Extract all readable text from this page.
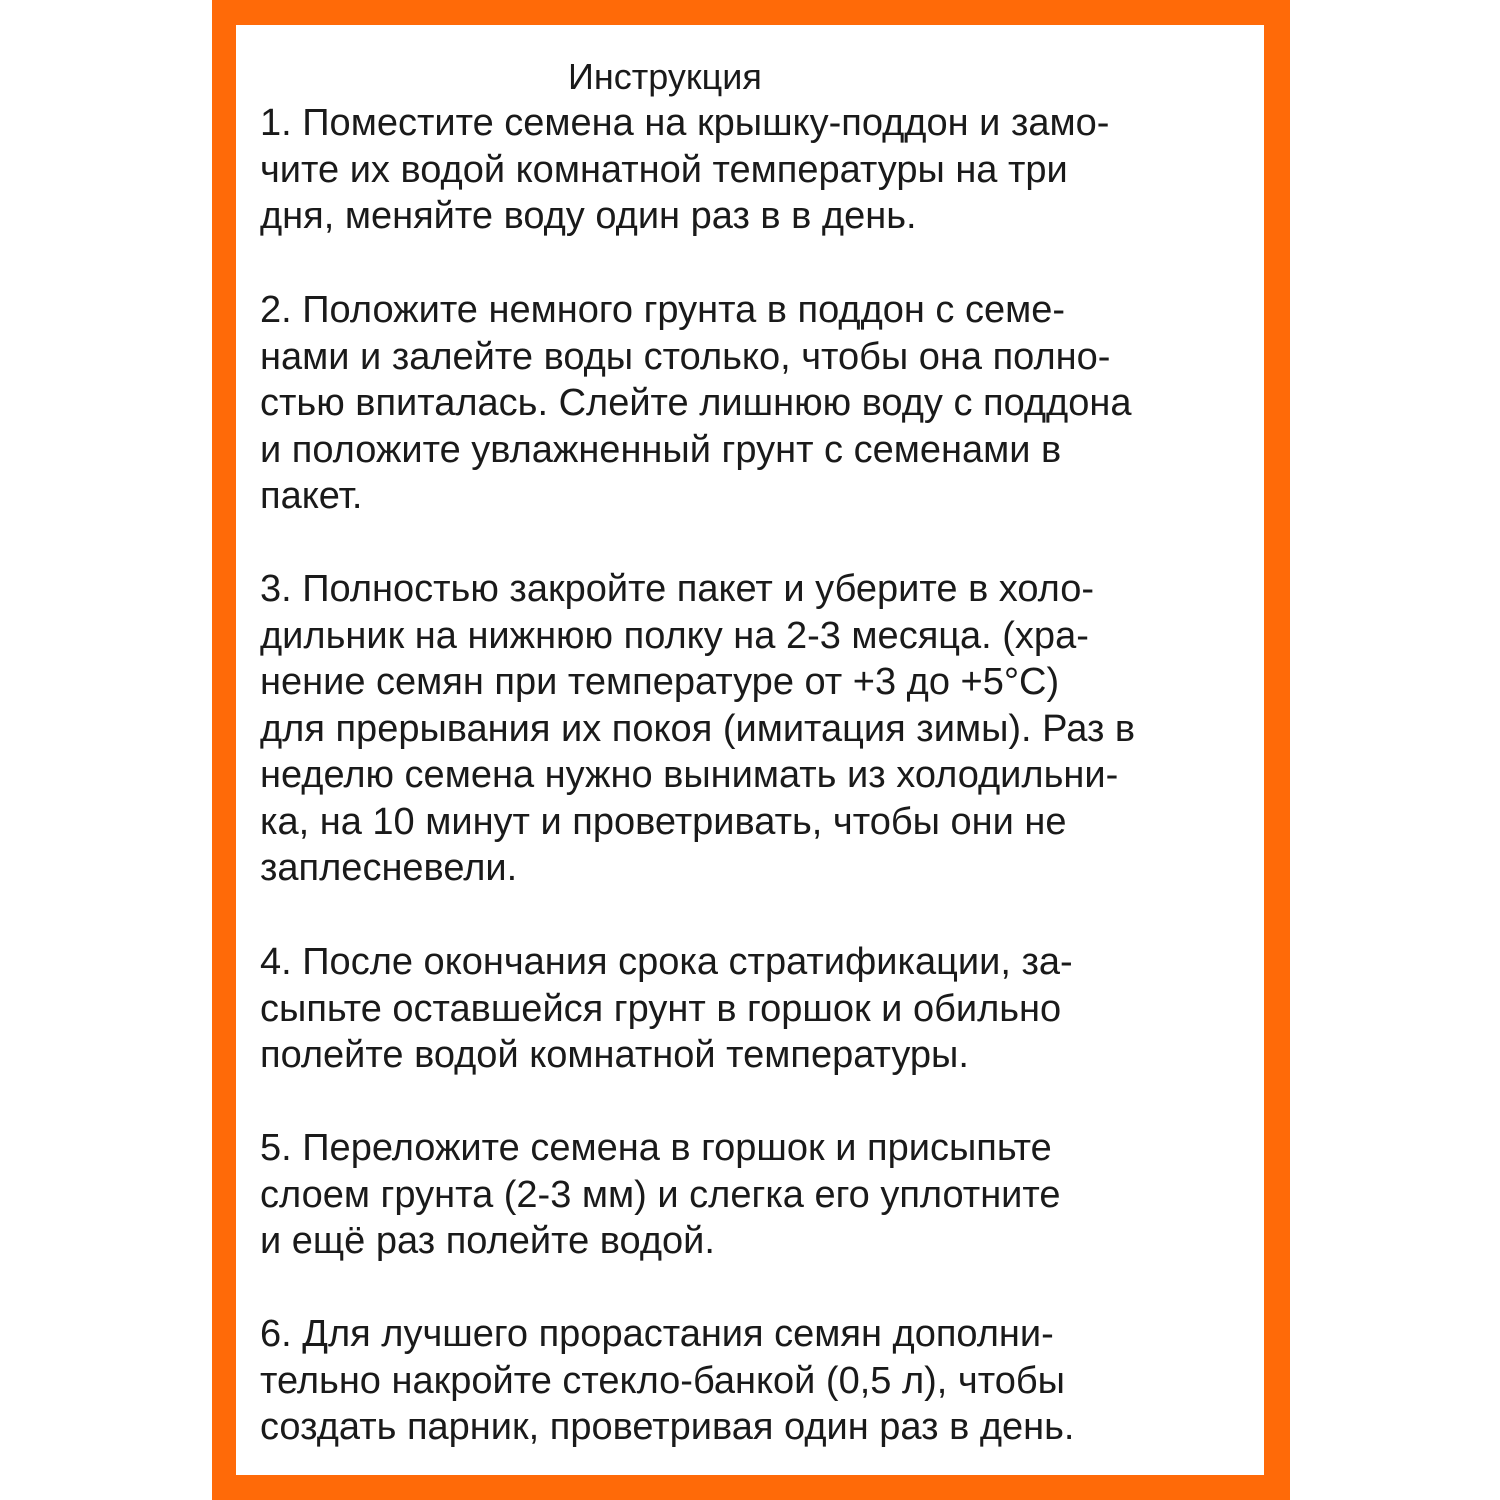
Инструкция
1. Поместите семена на крышку-поддон и замо-
чите их водой комнатной температуры на три
дня, меняйте воду один раз в в день.
2. Положите немного грунта в поддон с семе-
нами и залейте воды столько, чтобы она полно-
стью впиталась. Слейте лишнюю воду с поддона
и положите увлажненный грунт с семенами в
пакет.
3. Полностью закройте пакет и уберите в холо-
дильник на нижнюю полку на 2-3 месяца. (хра-
нение семян при температуре от +3 до +5°С)
для прерывания их покоя (имитация зимы). Раз в
неделю семена нужно вынимать из холодильни-
ка, на 10 минут и проветривать, чтобы они не
заплесневели.
4. После окончания срока стратификации, за-
сыпьте оставшейся грунт в горшок и обильно
полейте водой комнатной температуры.
5. Переложите семена в горшок и присыпьте
слоем грунта (2-3 мм) и слегка его уплотните
и ещё раз полейте водой.
6. Для лучшего прорастания семян дополни-
тельно накройте стекло-банкой (0,5 л), чтобы
создать парник, проветривая один раз в день.
